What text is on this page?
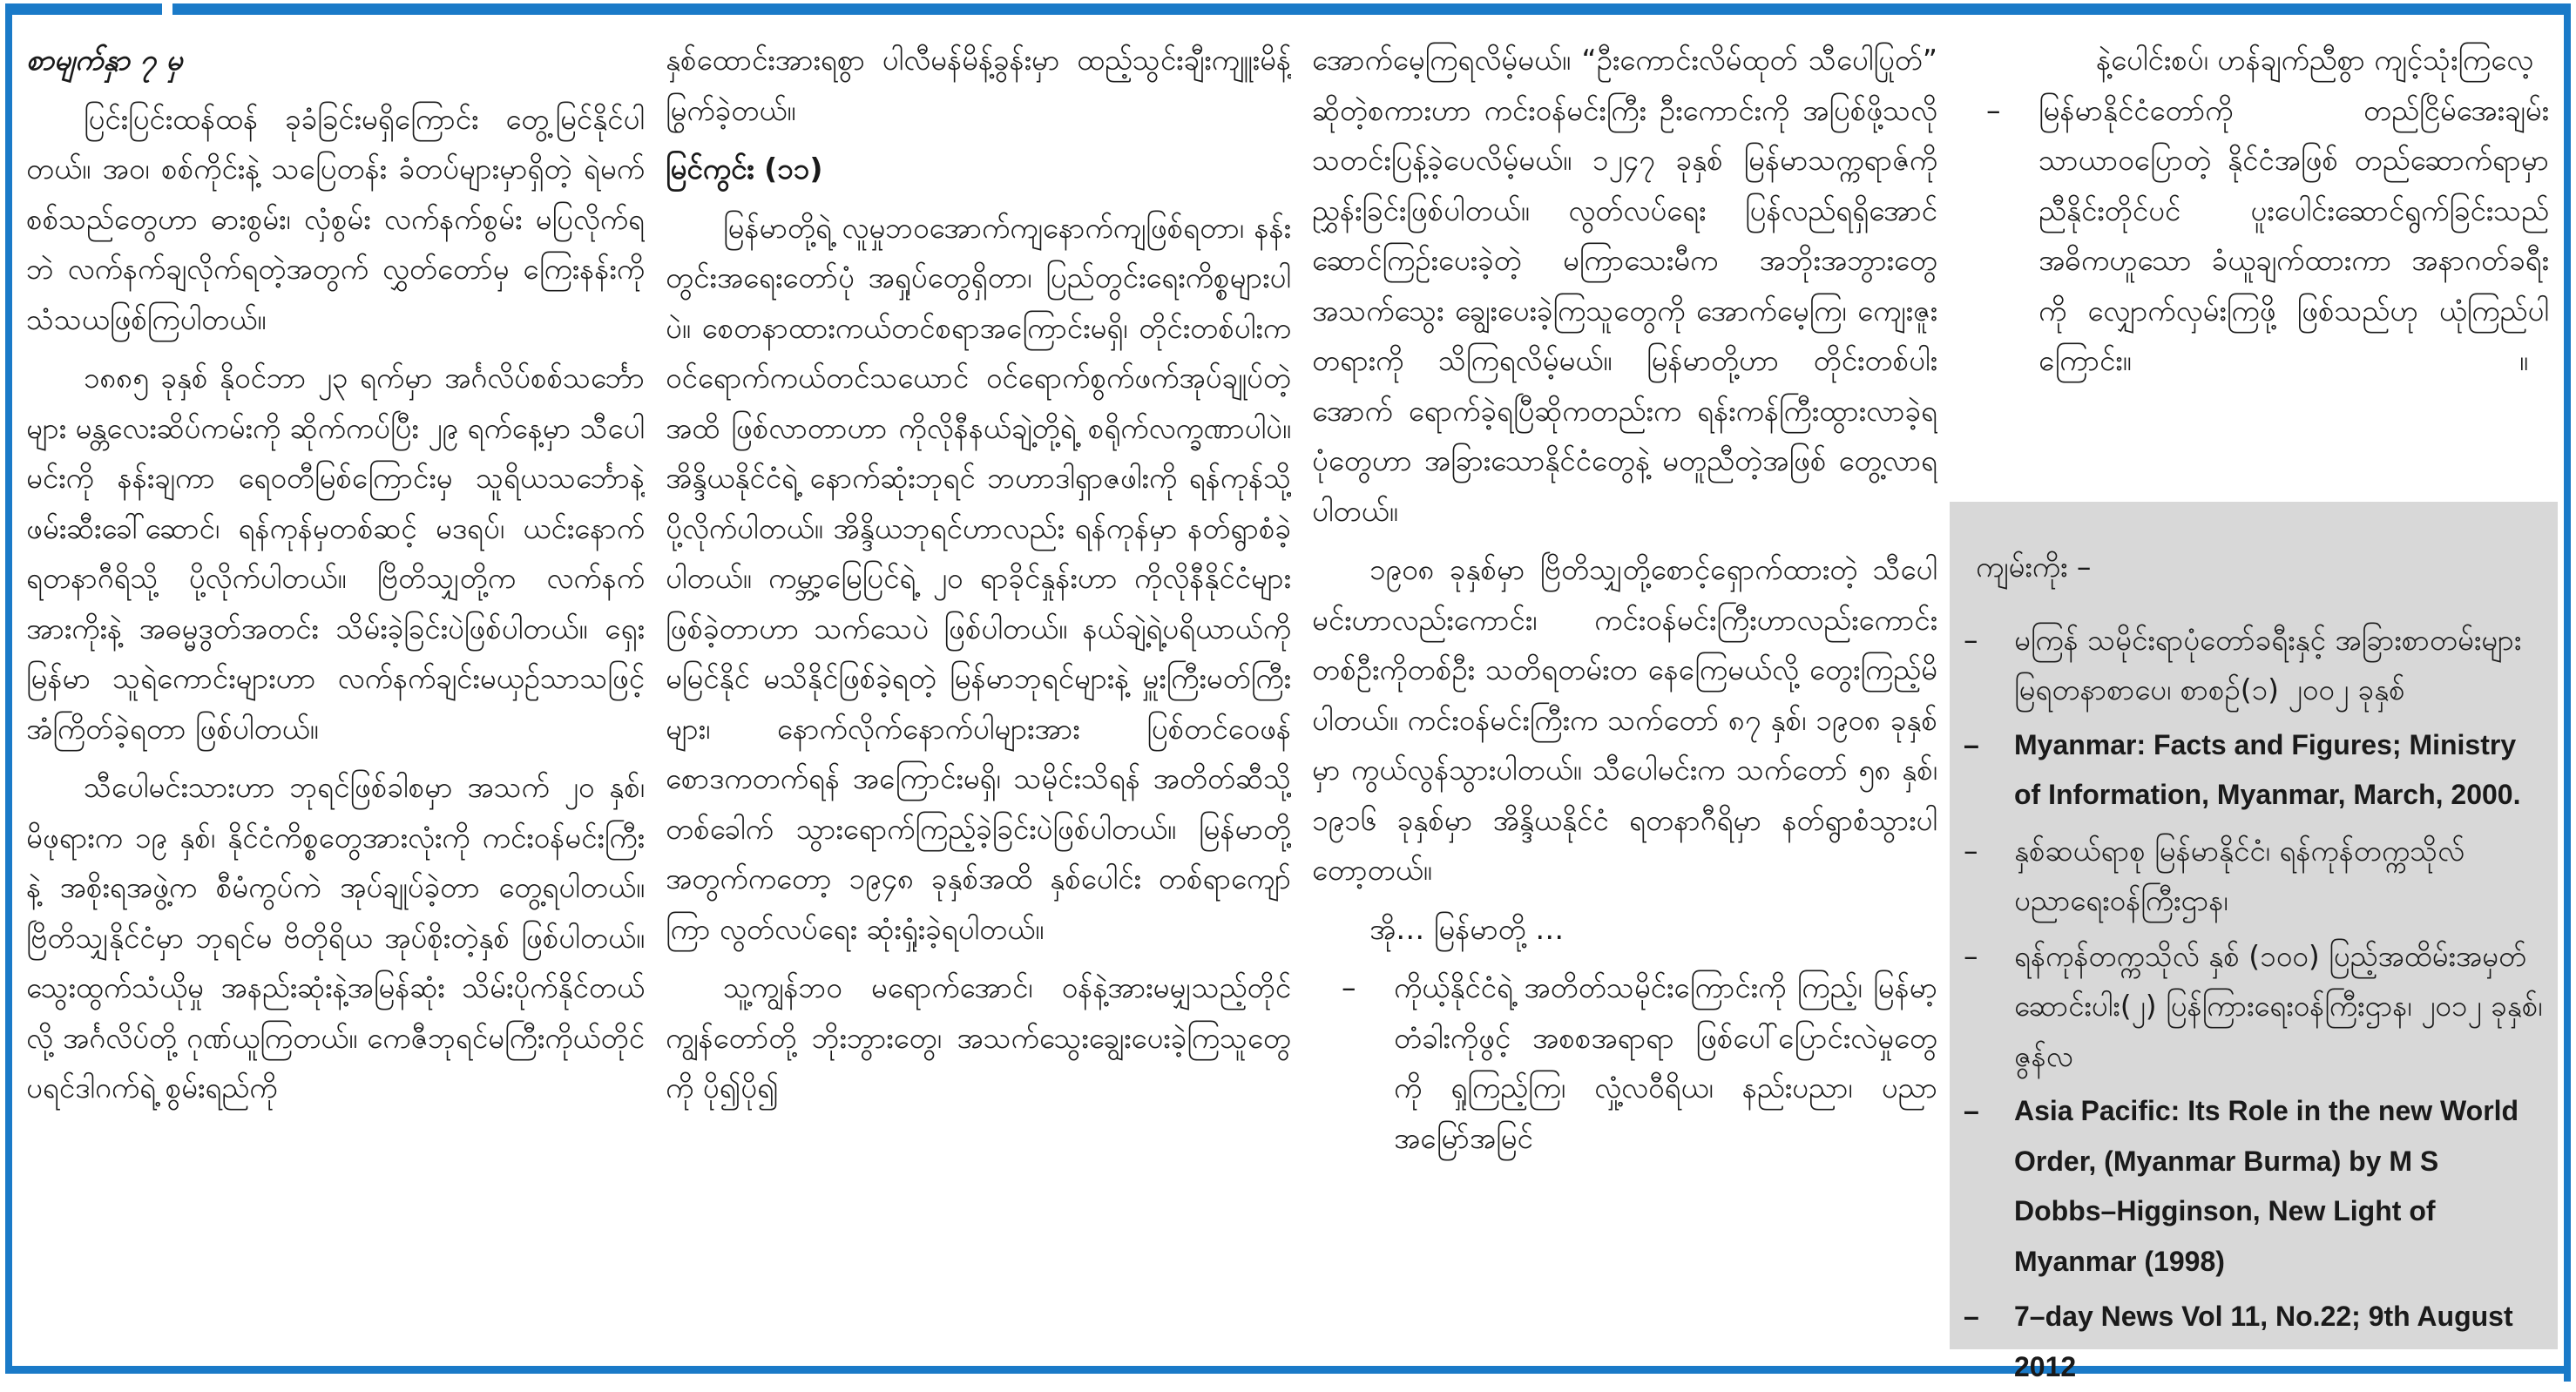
စာမျက်နှာ ၇ မှ

ပြင်းပြင်းထန်ထန် ခုခံခြင်းမရှိကြောင်း တွေ့မြင်နိုင်ပါတယ်။ အဝ၊ စစ်ကိုင်းနဲ့ သပြေတန်း ခံတပ်များမှာရှိတဲ့ ရဲမက်စစ်သည်တွေဟာ ဓားစွမ်း၊ လှံစွမ်း လက်နက်စွမ်း မပြလိုက်ရဘဲ လက်နက်ချလိုက်ရတဲ့အတွက် လွှတ်တော်မှ ကြေးနန်းကို သံသယဖြစ်ကြပါတယ်။

၁၈၈၅ ခုနှစ် နိုဝင်ဘာ ၂၃ ရက်မှာ အင်္ဂလိပ်စစ်သင်္ဘောများ မန္တလေးဆိပ်ကမ်းကို ဆိုက်ကပ်ပြီး ၂၉ ရက်နေ့မှာ သီပေါမင်းကို နန်းချကာ ရေဝတီမြစ်ကြောင်းမှ သူရိယသင်္ဘောနဲ့ ဖမ်းဆီးခေါ်ဆောင်၊ ရန်ကုန်မှတစ်ဆင့် မဒရပ်၊ ယင်းနောက် ရတနာဂီရိသို့ ပို့လိုက်ပါတယ်။ ဗြိတိသျှတို့က လက်နက်အားကိုးနဲ့ အဓမ္မဒွတ်အတင်း သိမ်းခဲ့ခြင်းပဲဖြစ်ပါတယ်။ ရှေးမြန်မာ သူရဲကောင်းများဟာ လက်နက်ချင်းမယှဉ်သာသဖြင့် အံကြိတ်ခဲ့ရတာ ဖြစ်ပါတယ်။

သီပေါမင်းသားဟာ ဘုရင်ဖြစ်ခါစမှာ အသက် ၂၀ နှစ်၊ မိဖုရားက ၁၉ နှစ်၊ နိုင်ငံကိစ္စတွေအားလုံးကို ကင်းဝန်မင်းကြီးနဲ့ အစိုးရအဖွဲ့က စီမံကွပ်ကဲ အုပ်ချုပ်ခဲ့တာ တွေ့ရပါတယ်။ ဗြိတိသျှနိုင်ငံမှာ ဘုရင်မ ဗိတိုရိယ အုပ်စိုးတဲ့နှစ် ဖြစ်ပါတယ်။ သွေးထွက်သံယိုမှု အနည်းဆုံးနဲ့အမြန်ဆုံး သိမ်းပိုက်နိုင်တယ်လို့ အင်္ဂလိပ်တို့ ဂုဏ်ယူကြတယ်။ ကေဇီဘုရင်မကြီးကိုယ်တိုင် ပရင်ဒါဂက်ရဲ့ စွမ်းရည်ကို

နှစ်ထောင်းအားရစွာ ပါလီမန်မိန့်ခွန်းမှာ ထည့်သွင်းချီးကျူးမိန့်မြွက်ခဲ့တယ်။

မြင်ကွင်း (၁၁)

မြန်မာတို့ရဲ့ လူမှုဘဝအောက်ကျနောက်ကျဖြစ်ရတာ၊ နန်းတွင်းအရေးတော်ပုံ အရှုပ်တွေရှိတာ၊ ပြည်တွင်းရေးကိစ္စများပါပဲ။ စေတနာထားကယ်တင်စရာအကြောင်းမရှိ၊ တိုင်းတစ်ပါးက ဝင်ရောက်ကယ်တင်သယောင် ဝင်ရောက်စွက်ဖက်အုပ်ချုပ်တဲ့အထိ ဖြစ်လာတာဟာ ကိုလိုနီနယ်ချဲ့တို့ရဲ့ စရိုက်လက္ခဏာပါပဲ။ အိန္ဒိယနိုင်ငံရဲ့ နောက်ဆုံးဘုရင် ဘဟာဒါရှာဇဖါးကို ရန်ကုန်သို့ ပို့လိုက်ပါတယ်။ အိန္ဒိယဘုရင်ဟာလည်း ရန်ကုန်မှာ နတ်ရွာစံခဲ့ပါတယ်။ ကမ္ဘာ့မြေပြင်ရဲ့ ၂၀ ရာခိုင်နှုန်းဟာ ကိုလိုနီနိုင်ငံများ ဖြစ်ခဲ့တာဟာ သက်သေပဲ ဖြစ်ပါတယ်။ နယ်ချဲ့ရဲ့ပရိယာယ်ကို မမြင်နိုင် မသိနိုင်ဖြစ်ခဲ့ရတဲ့ မြန်မာဘုရင်များနဲ့ မှူးကြီးမတ်ကြီးများ၊ နောက်လိုက်နောက်ပါများအား ပြစ်တင်ဝေဖန်စောဒကတက်ရန် အကြောင်းမရှိ၊ သမိုင်းသိရန် အတိတ်ဆီသို့တစ်ခေါက် သွားရောက်ကြည့်ခဲ့ခြင်းပဲဖြစ်ပါတယ်။ မြန်မာတို့အတွက်ကတော့ ၁၉၄၈ ခုနှစ်အထိ နှစ်ပေါင်း တစ်ရာကျော်ကြာ လွတ်လပ်ရေး ဆုံးရှုံးခဲ့ရပါတယ်။

သူ့ကျွန်ဘဝ မရောက်အောင်၊ ဝန်နဲ့အားမမျှသည့်တိုင် ကျွန်တော်တို့ ဘိုးဘွားတွေ၊ အသက်သွေးချွေးပေးခဲ့ကြသူတွေကို ပို၍ပို၍

အောက်မေ့ကြရလိမ့်မယ်။ “ဦးကောင်းလိမ်ထုတ် သီပေါပြုတ်” ဆိုတဲ့စကားဟာ ကင်းဝန်မင်းကြီး ဦးကောင်းကို အပြစ်ဖို့သလို သတင်းပြန့်ခဲ့ပေလိမ့်မယ်။ ၁၂၄၇ ခုနှစ် မြန်မာသက္ကရာဇ်ကို ညွှန်းခြင်းဖြစ်ပါတယ်။ လွတ်လပ်ရေး ပြန်လည်ရရှိအောင် ဆောင်ကြဉ်းပေးခဲ့တဲ့ မကြာသေးမီက အဘိုးအဘွားတွေ အသက်သွေး ချွေးပေးခဲ့ကြသူတွေကို အောက်မေ့ကြ၊ ကျေးဇူးတရားကို သိကြရလိမ့်မယ်။ မြန်မာတို့ဟာ တိုင်းတစ်ပါးအောက် ရောက်ခဲ့ရပြီဆိုကတည်းက ရန်းကန်ကြီးထွားလာခဲ့ရပုံတွေဟာ အခြားသောနိုင်ငံတွေနဲ့ မတူညီတဲ့အဖြစ် တွေ့လာရပါတယ်။

၁၉၀၈ ခုနှစ်မှာ ဗြိတိသျှတို့စောင့်ရှောက်ထားတဲ့ သီပေါမင်းဟာလည်းကောင်း၊ ကင်းဝန်မင်းကြီးဟာလည်းကောင်း တစ်ဦးကိုတစ်ဦး သတိရတမ်းတ နေကြေမယ်လို့ တွေးကြည့်မိပါတယ်။ ကင်းဝန်မင်းကြီးက သက်တော် ၈၇ နှစ်၊ ၁၉၀၈ ခုနှစ်မှာ ကွယ်လွန်သွားပါတယ်။ သီပေါမင်းက သက်တော် ၅၈ နှစ်၊ ၁၉၁၆ ခုနှစ်မှာ အိန္ဒိယနိုင်ငံ ရတနာဂီရိမှာ နတ်ရွာစံသွားပါတော့တယ်။

အို… မြန်မာတို့ …

– ကိုယ့်နိုင်ငံရဲ့ အတိတ်သမိုင်းကြောင်းကို ကြည့်၊ မြန်မာ့တံခါးကိုဖွင့် အစစအရာရာ ဖြစ်ပေါ်ပြောင်းလဲမှုတွေကို ရှုကြည့်ကြ၊ လှုံ့လဝီရိယ၊ နည်းပညာ၊ ပညာအမြော်အမြင်

နဲ့ပေါင်းစပ်၊ ဟန်ချက်ညီစွာ ကျင့်သုံးကြလေ့

– မြန်မာနိုင်ငံတော်ကို တည်ငြိမ်အေးချမ်းသာယာဝပြောတဲ့ နိုင်ငံအဖြစ် တည်ဆောက်ရာမှာ ညီနိုင်းတိုင်ပင် ပူးပေါင်းဆောင်ရွက်ခြင်းသည်အဓိကဟူသော ခံယူချက်ထားကာ အနာဂတ်ခရီးကို လျှောက်လှမ်းကြဖို့ ဖြစ်သည်ဟု ယုံကြည်ပါကြောင်း။	။

ကျမ်းကိုး –

– မကြန် သမိုင်းရာပုံတော်ခရီးနှင့် အခြားစာတမ်းများ မြရတနာစာပေ၊ စာစဉ်(၁) ၂၀၀၂ ခုနှစ်
– Myanmar: Facts and Figures; Ministry of Information, Myanmar, March, 2000.
– နှစ်ဆယ်ရာစု မြန်မာနိုင်ငံ၊ ရန်ကုန်တက္ကသိုလ် ပညာရေးဝန်ကြီးဌာန၊
– ရန်ကုန်တက္ကသိုလ် နှစ် (၁၀၀) ပြည့်အထိမ်းအမှတ်ဆောင်းပါး(၂) ပြန်ကြားရေးဝန်ကြီးဌာန၊ ၂၀၁၂ ခုနှစ်၊ ဇွန်လ
– Asia Pacific: Its Role in the new World Order, (Myanmar Burma) by M S Dobbs–Higginson, New Light of Myanmar (1998)
– 7–day News Vol 11, No.22; 9th August 2012
